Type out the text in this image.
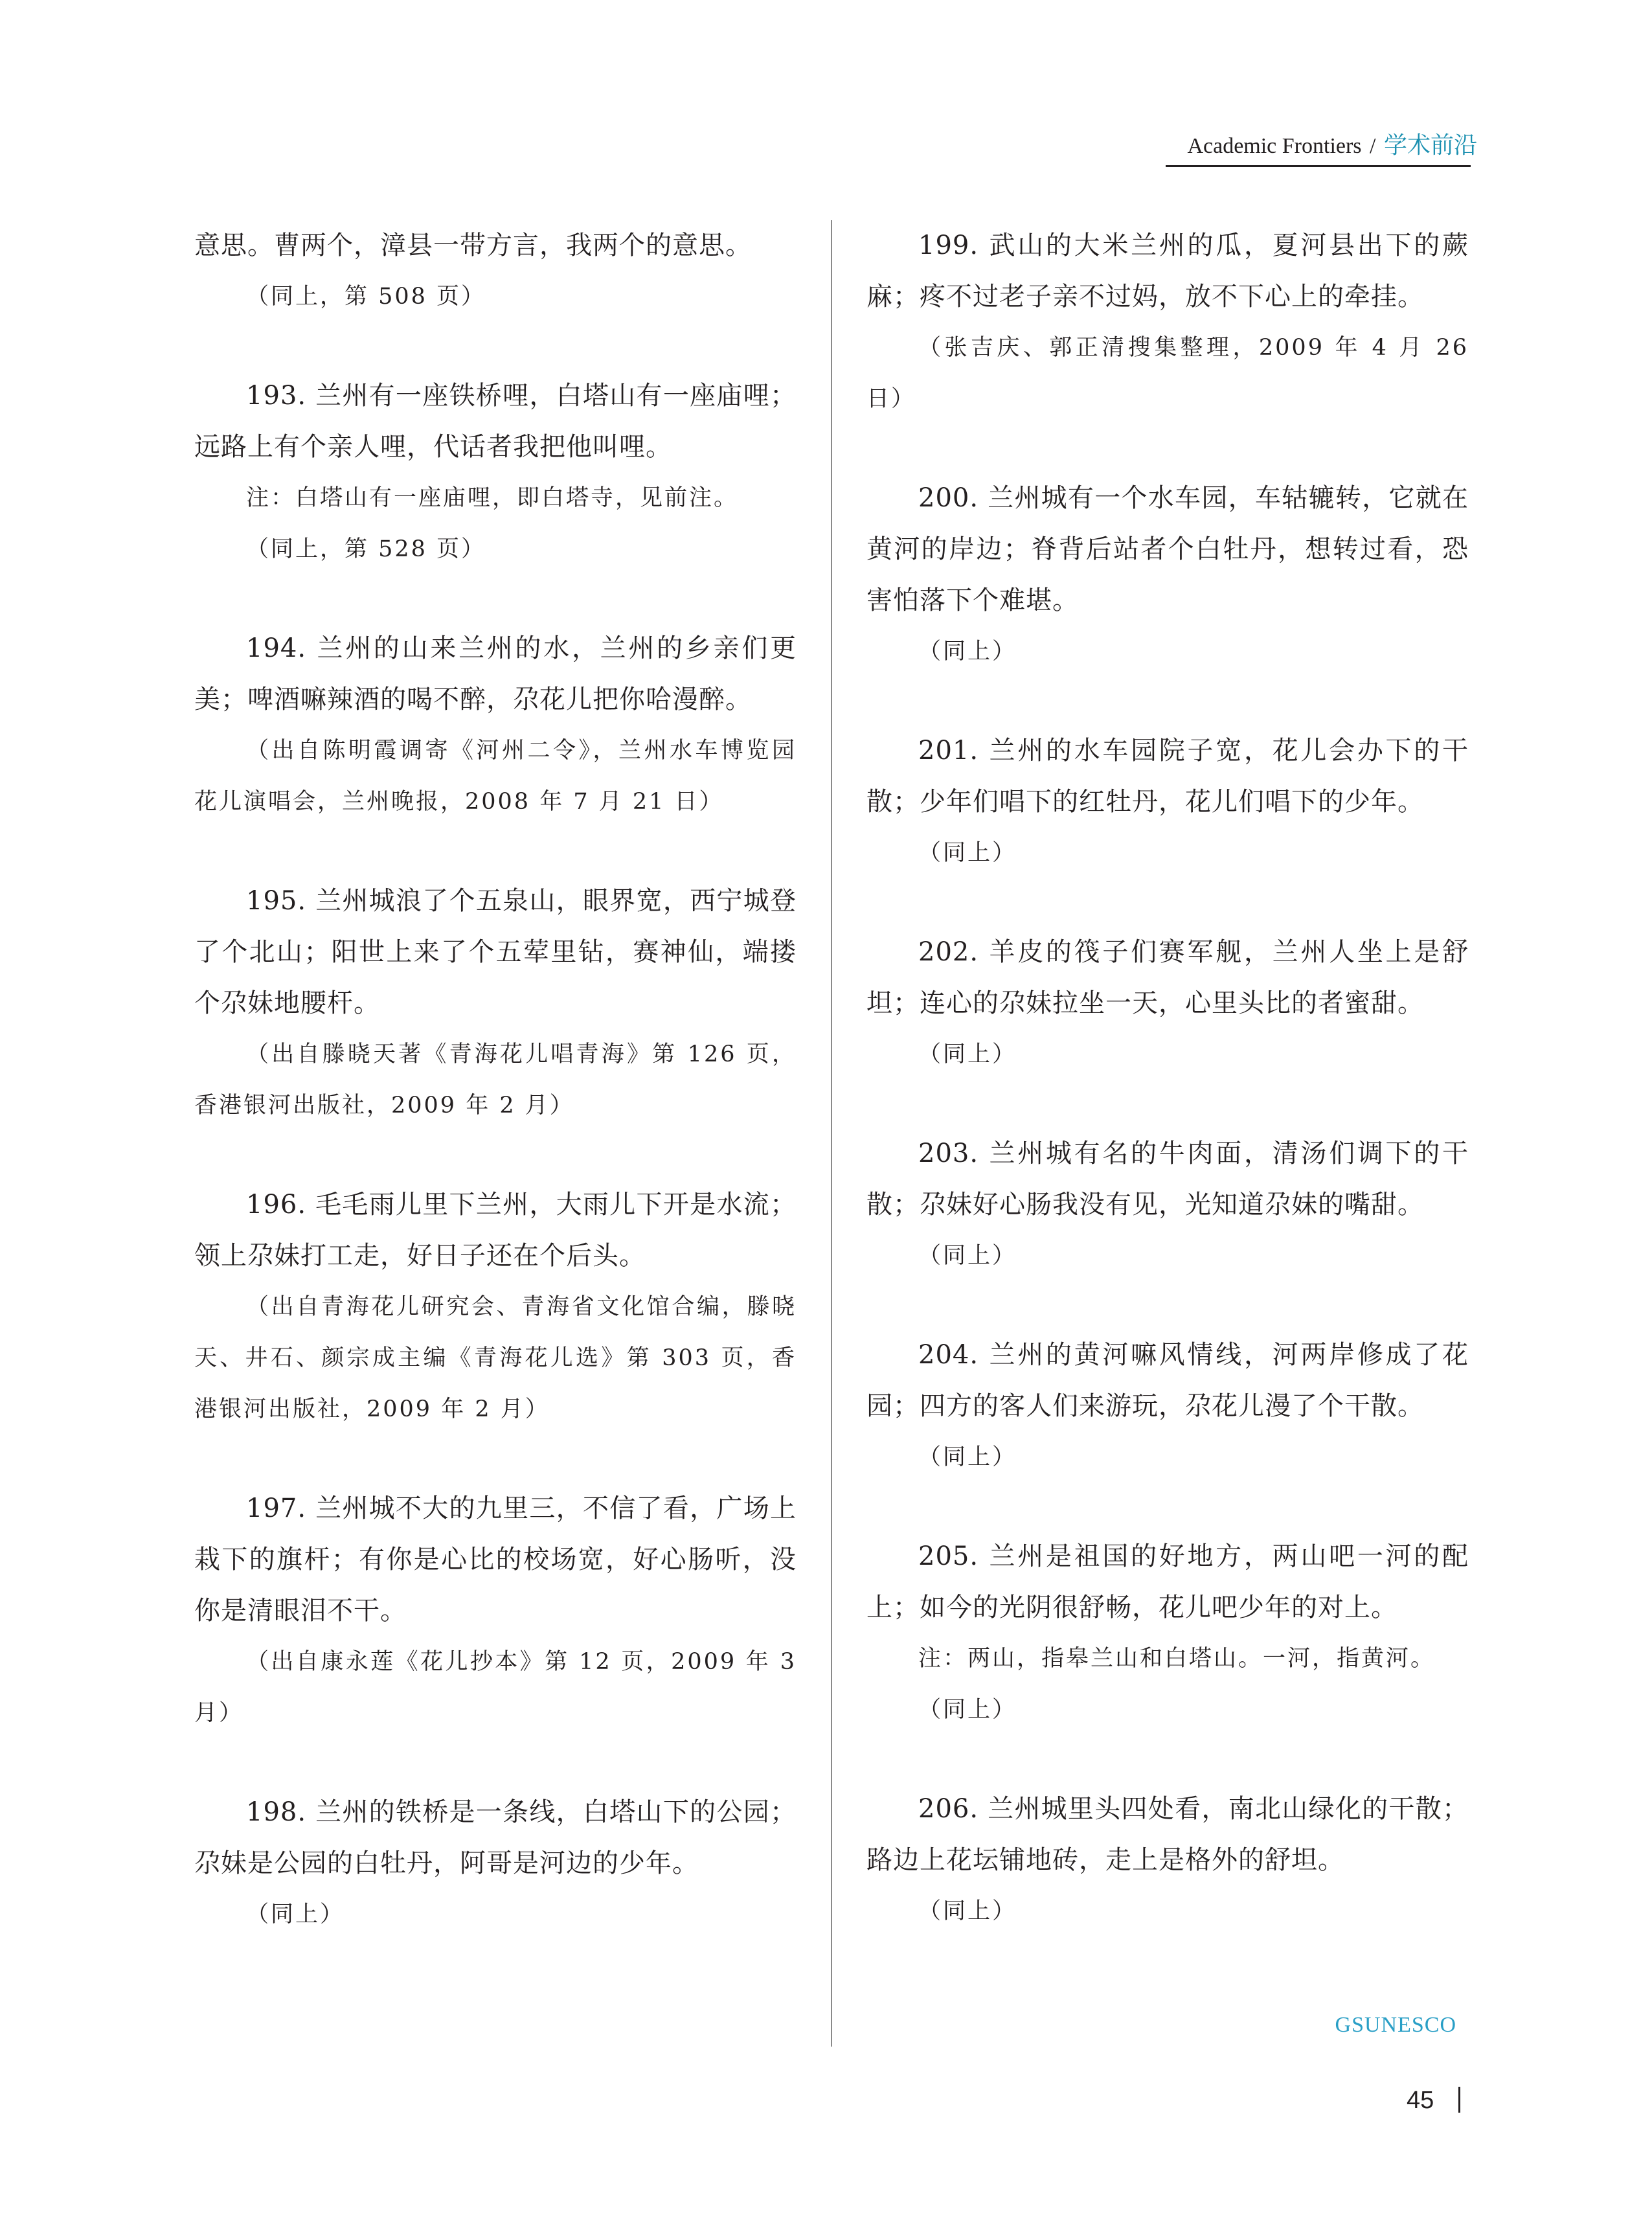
Academic Frontiers / 学术前沿

意思。曹两个，漳县一带方言，我两个的意思。

（同上，第 508 页）

193. 兰州有一座铁桥哩，白塔山有一座庙哩；远路上有个亲人哩，代话者我把他叫哩。

注：白塔山有一座庙哩，即白塔寺，见前注。

（同上，第 528 页）

194. 兰州的山来兰州的水，兰州的乡亲们更美；啤酒嘛辣酒的喝不醉，尕花儿把你哈漫醉。

（出自陈明霞调寄《河州二令》，兰州水车博览园花儿演唱会，兰州晚报，2008 年 7 月 21 日）

195. 兰州城浪了个五泉山，眼界宽，西宁城登了个北山；阳世上来了个五荤里钻，赛神仙，端搂个尕妹地腰杆。

（出自滕晓天著《青海花儿唱青海》第 126 页，香港银河出版社，2009 年 2 月）

196. 毛毛雨儿里下兰州，大雨儿下开是水流；领上尕妹打工走，好日子还在个后头。

（出自青海花儿研究会、青海省文化馆合编，滕晓天、井石、颜宗成主编《青海花儿选》第 303 页，香港银河出版社，2009 年 2 月）

197. 兰州城不大的九里三，不信了看，广场上栽下的旗杆；有你是心比的校场宽，好心肠听，没你是清眼泪不干。

（出自康永莲《花儿抄本》第 12 页，2009 年 3 月）

198. 兰州的铁桥是一条线，白塔山下的公园；尕妹是公园的白牡丹，阿哥是河边的少年。

（同上）

199. 武山的大米兰州的瓜，夏河县出下的蕨麻；疼不过老子亲不过妈，放不下心上的牵挂。

（张吉庆、郭正清搜集整理，2009 年 4 月 26 日）

200. 兰州城有一个水车园，车轱辘转，它就在黄河的岸边；脊背后站者个白牡丹，想转过看，恐害怕落下个难堪。

（同上）

201. 兰州的水车园院子宽，花儿会办下的干散；少年们唱下的红牡丹，花儿们唱下的少年。

（同上）

202. 羊皮的筏子们赛军舰，兰州人坐上是舒坦；连心的尕妹拉坐一天，心里头比的者蜜甜。

（同上）

203. 兰州城有名的牛肉面，清汤们调下的干散；尕妹好心肠我没有见，光知道尕妹的嘴甜。

（同上）

204. 兰州的黄河嘛风情线，河两岸修成了花园；四方的客人们来游玩，尕花儿漫了个干散。

（同上）

205. 兰州是祖国的好地方，两山吧一河的配上；如今的光阴很舒畅，花儿吧少年的对上。

注：两山，指皋兰山和白塔山。一河，指黄河。

（同上）

206. 兰州城里头四处看，南北山绿化的干散；路边上花坛铺地砖，走上是格外的舒坦。

（同上）

GSUNESCO
45
